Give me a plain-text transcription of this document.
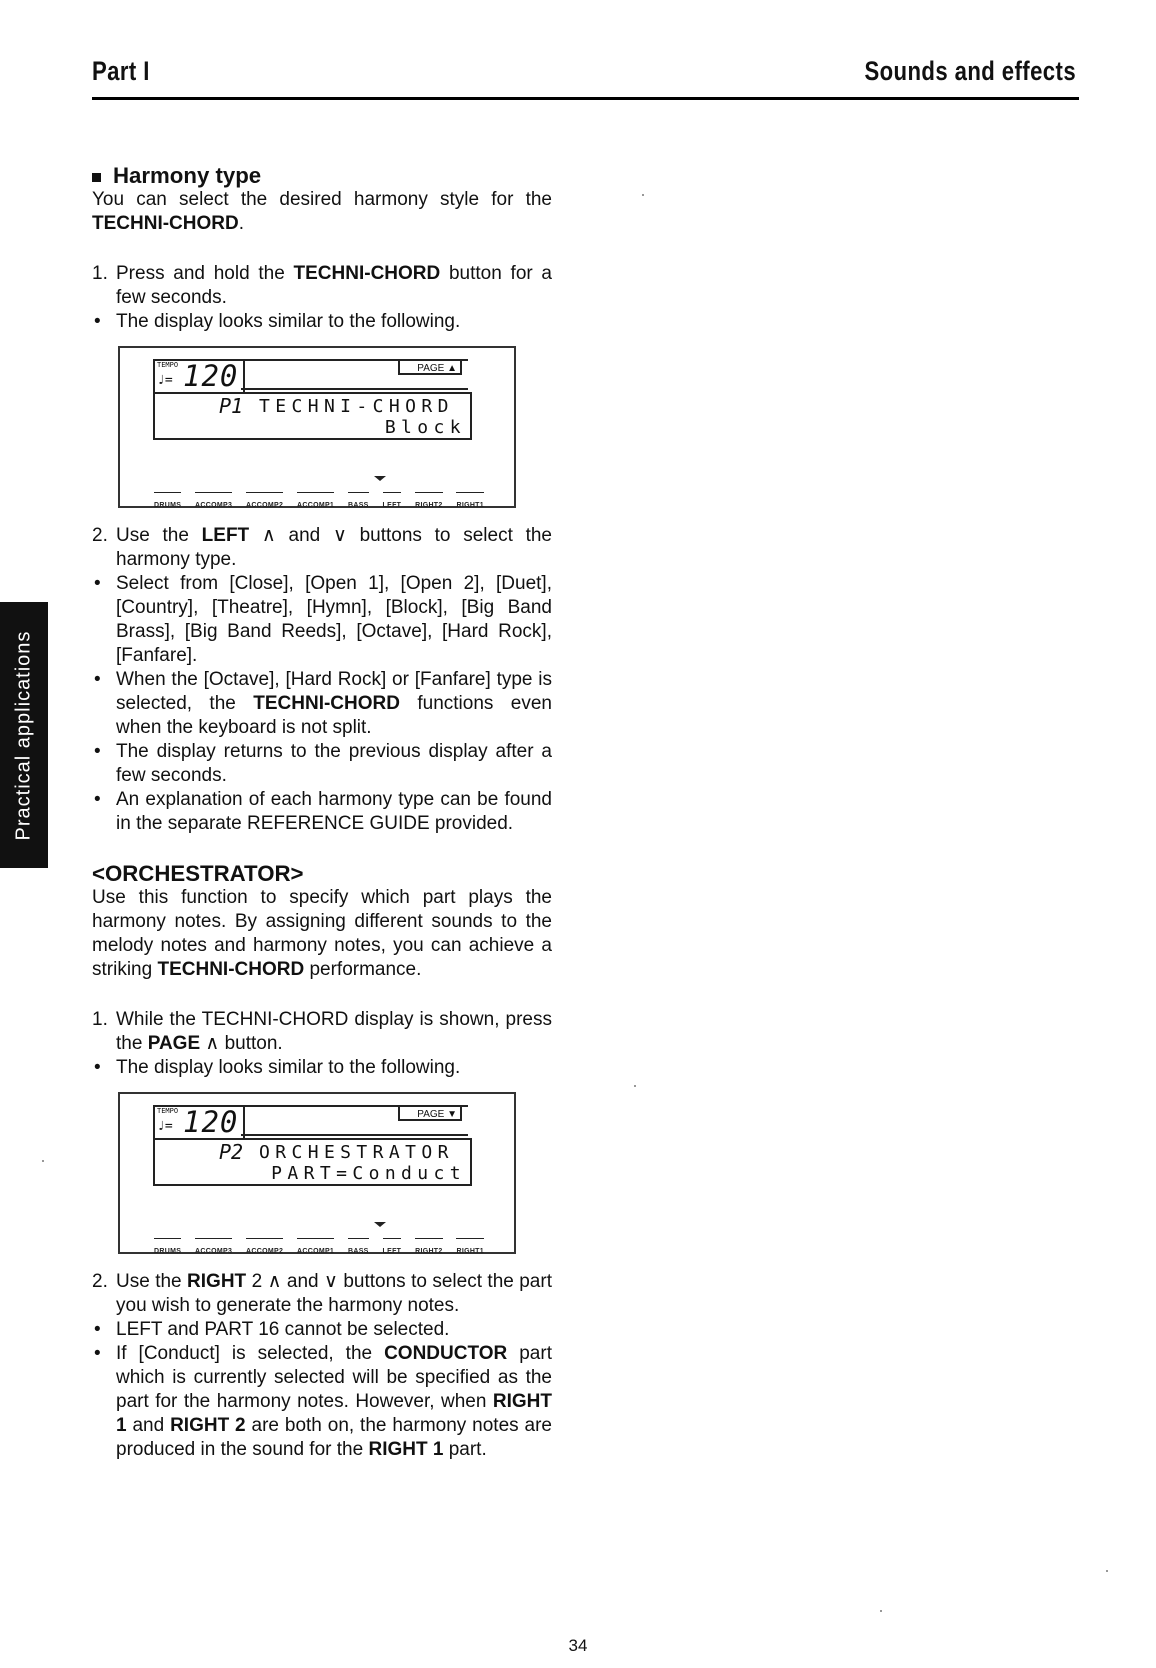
Part I	Sounds and effects
Practical applications
Harmony type

You can select the desired harmony style for the TECHNI-CHORD.

1. Press and hold the TECHNI-CHORD button for a few seconds.
• The display looks similar to the following.
TEMPO
♩= 120	PAGE ▲
P1 TECHNI-CHORD
Block
DRUMS ACCOMP3 ACCOMP2 ACCOMP1 BASS LEFT RIGHT2 RIGHT1
2. Use the LEFT ∧ and ∨ buttons to select the harmony type.
• Select from [Close], [Open 1], [Open 2], [Duet], [Country], [Theatre], [Hymn], [Block], [Big Band Brass], [Big Band Reeds], [Octave], [Hard Rock], [Fanfare].
• When the [Octave], [Hard Rock] or [Fanfare] type is selected, the TECHNI-CHORD functions even when the keyboard is not split.
• The display returns to the previous display after a few seconds.
• An explanation of each harmony type can be found in the separate REFERENCE GUIDE provided.
<ORCHESTRATOR>

Use this function to specify which part plays the harmony notes. By assigning different sounds to the melody notes and harmony notes, you can achieve a striking TECHNI-CHORD performance.

1. While the TECHNI-CHORD display is shown, press the PAGE ∧ button.
• The display looks similar to the following.
TEMPO
♩= 120	PAGE ▼
P2 ORCHESTRATOR
PART=Conduct
DRUMS ACCOMP3 ACCOMP2 ACCOMP1 BASS LEFT RIGHT2 RIGHT1
2. Use the RIGHT 2 ∧ and ∨ buttons to select the part you wish to generate the harmony notes.
• LEFT and PART 16 cannot be selected.
• If [Conduct] is selected, the CONDUCTOR part which is currently selected will be specified as the part for the harmony notes. However, when RIGHT 1 and RIGHT 2 are both on, the harmony notes are produced in the sound for the RIGHT 1 part.
34
